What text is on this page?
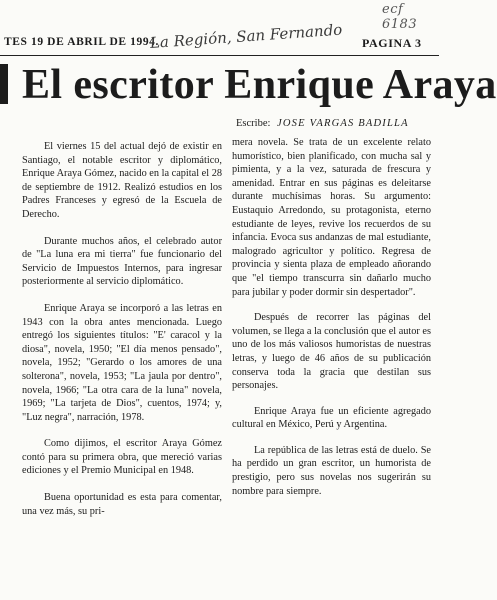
ecf 6183
TES 19 DE ABRIL DE 1994.
La Región, San Fernando PAGINA 3
El escritor Enrique Araya
Escribe: JOSE VARGAS BADILLA

El viernes 15 del actual dejó de existir en Santiago, el notable escritor y diplomático, Enrique Araya Gómez, nacido en la capital el 28 de septiembre de 1912. Realizó estudios en los Padres Franceses y egresó de la Escuela de Derecho.

Durante muchos años, el celebrado autor de "La luna era mi tierra" fue funcionario del Servicio de Impuestos Internos, para ingresar posteriormente al servicio diplomático.

Enrique Araya se incorporó a las letras en 1943 con la obra antes mencionada. Luego entregó los siguientes títulos: "E' caracol y la diosa", novela, 1950; "El día menos pensado", novela, 1952; "Gerardo o los amores de una solterona", novela, 1953; "La jaula por dentro", novela, 1966; "La otra cara de la luna" novela, 1969; "La tarjeta de Dios", cuentos, 1974; y, "Luz negra", narración, 1978.

Como dijimos, el escritor Araya Gómez contó para su primera obra, que mereció varias ediciones y el Premio Municipal en 1948.

Buena oportunidad es esta para comentar, una vez más, su pri-

mera novela. Se trata de un excelente relato humorístico, bien planificado, con mucha sal y pimienta, y a la vez, saturada de frescura y amenidad. Entrar en sus páginas es deleitarse durante muchísimas horas. Su argumento: Eustaquio Arredondo, su protagonista, eterno estudiante de leyes, revive los recuerdos de su infancia. Evoca sus andanzas de mal estudiante, malogrado agricultor y político. Regresa de provincia y sienta plaza de empleado añorando que "el tiempo transcurra sin dañarlo mucho para jubilar y poder dormir sin despertador".

Después de recorrer las páginas del volumen, se llega a la conclusión que el autor es uno de los más valiosos humoristas de nuestras letras, y luego de 46 años de su publicación conserva toda la gracia que destilan sus personajes.

Enrique Araya fue un eficiente agregado cultural en México, Perú y Argentina.

La república de las letras está de duelo. Se ha perdido un gran escritor, un humorista de prestigio, pero sus novelas nos sugerirán su nombre para siempre.
